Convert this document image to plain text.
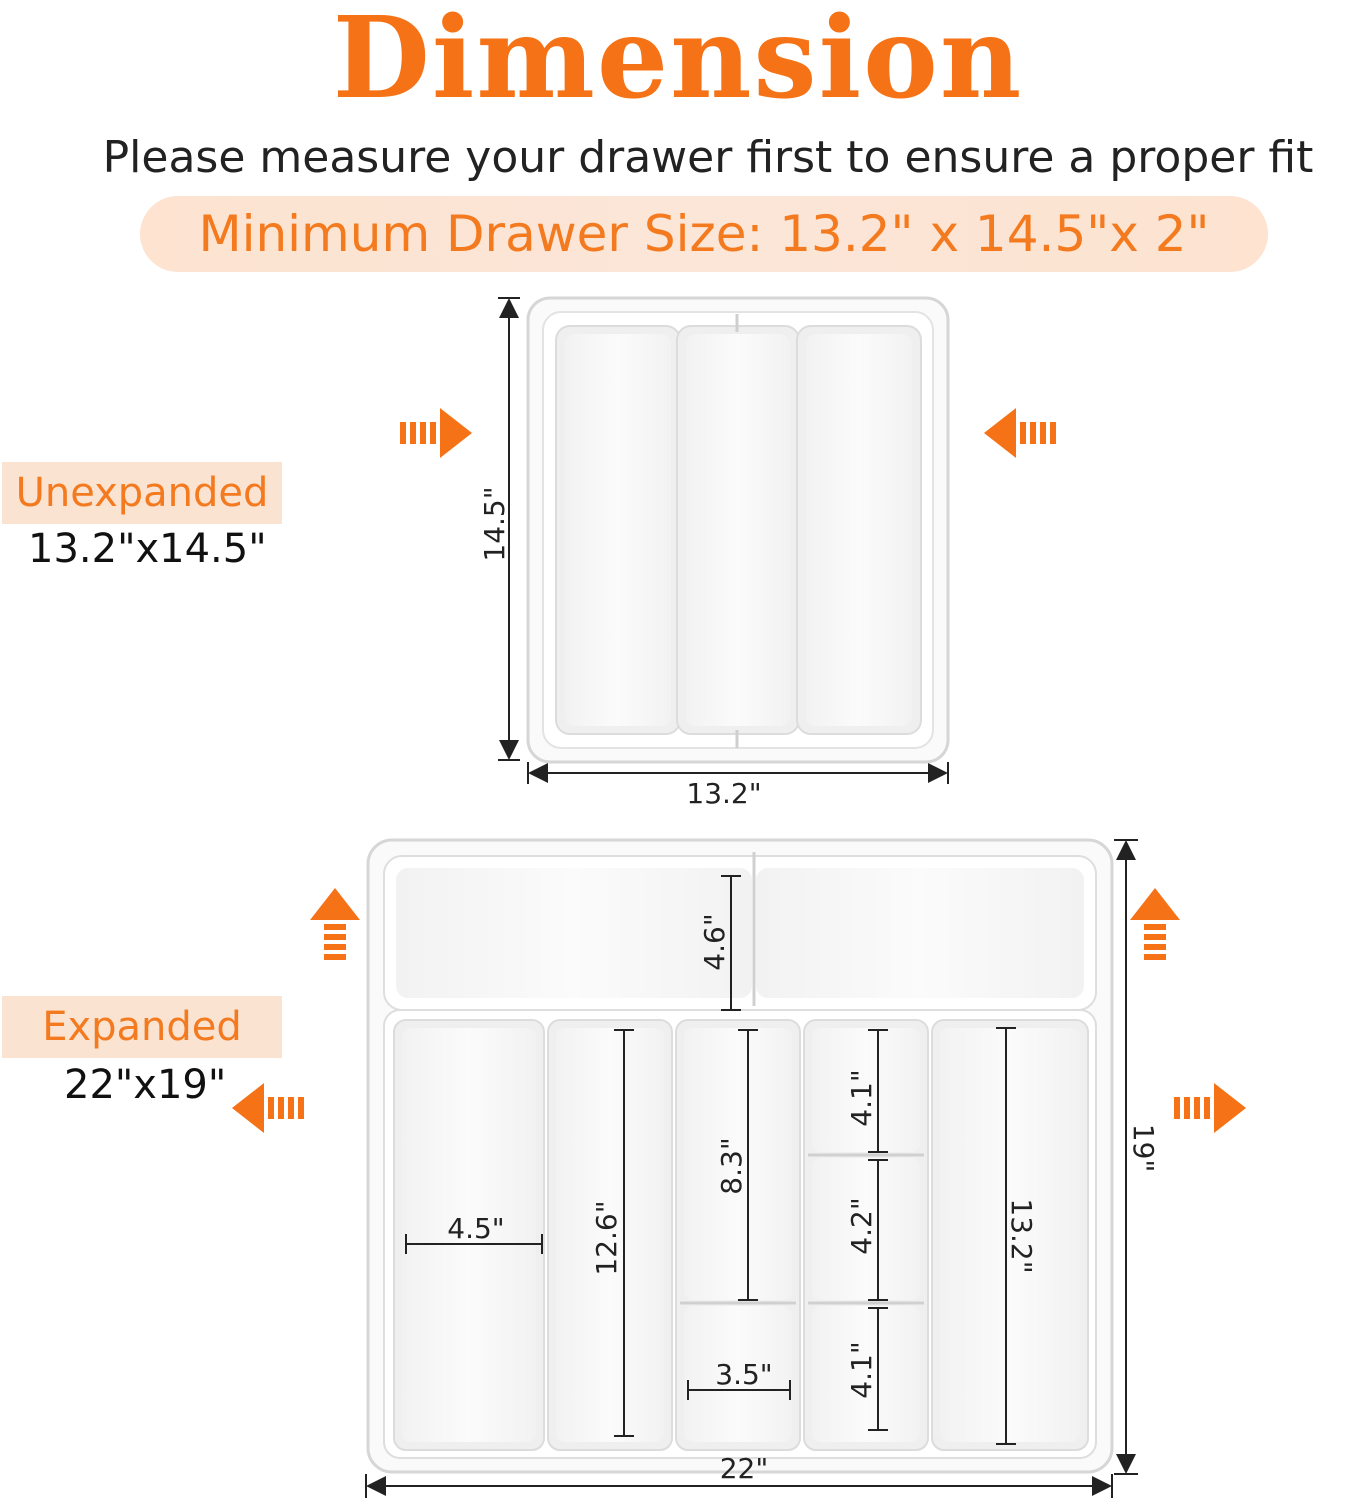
Dimension
Please measure your drawer first to ensure a proper fit
Minimum Drawer Size: 13.2" x 14.5"x 2"
Unexpanded
13.2"x14.5"
Expanded
22"x19"
14.5"
13.2"
4.6"
4.5"	12.6"
8.3"
3.5"
4.1"
4.2"
4.1"
13.2"
19"
22"
